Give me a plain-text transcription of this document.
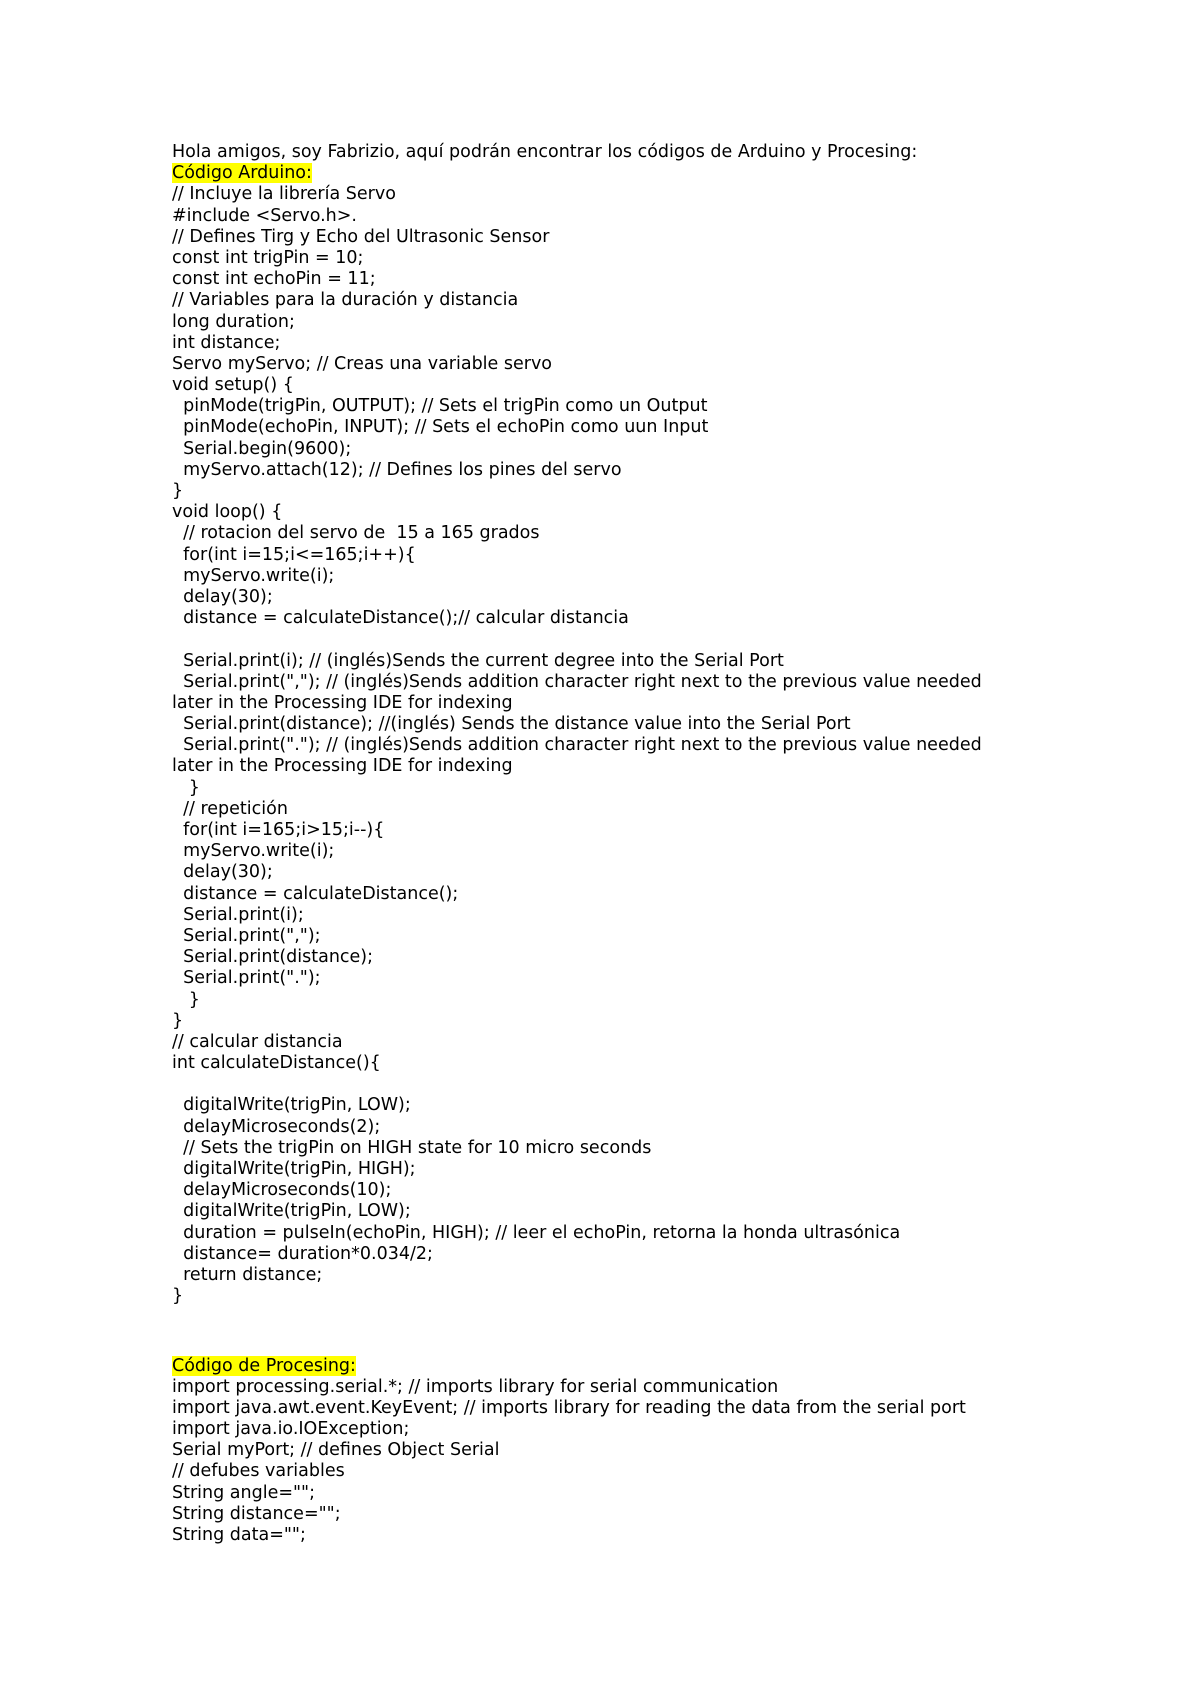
Hola amigos, soy Fabrizio, aquí podrán encontrar los códigos de Arduino y Procesing:
Código Arduino:
// Incluye la librería Servo
#include <Servo.h>.
// Defines Tirg y Echo del Ultrasonic Sensor
const int trigPin = 10;
const int echoPin = 11;
// Variables para la duración y distancia
long duration;
int distance;
Servo myServo; // Creas una variable servo
void setup() {
pinMode(trigPin, OUTPUT); // Sets el trigPin como un Output
pinMode(echoPin, INPUT); // Sets el echoPin como uun Input
Serial.begin(9600);
myServo.attach(12); // Defines los pines del servo
}
void loop() {
// rotacion del servo de  15 a 165 grados
for(int i=15;i<=165;i++){
myServo.write(i);
delay(30);
distance = calculateDistance();// calcular distancia
Serial.print(i); // (inglés)Sends the current degree into the Serial Port
Serial.print(","); // (inglés)Sends addition character right next to the previous value needed
later in the Processing IDE for indexing
Serial.print(distance); //(inglés) Sends the distance value into the Serial Port
Serial.print("."); // (inglés)Sends addition character right next to the previous value needed
later in the Processing IDE for indexing
}
// repetición
for(int i=165;i>15;i--){
myServo.write(i);
delay(30);
distance = calculateDistance();
Serial.print(i);
Serial.print(",");
Serial.print(distance);
Serial.print(".");
}
}
// calcular distancia
int calculateDistance(){
digitalWrite(trigPin, LOW);
delayMicroseconds(2);
// Sets the trigPin on HIGH state for 10 micro seconds
digitalWrite(trigPin, HIGH);
delayMicroseconds(10);
digitalWrite(trigPin, LOW);
duration = pulseIn(echoPin, HIGH); // leer el echoPin, retorna la honda ultrasónica
distance= duration*0.034/2;
return distance;
}
Código de Procesing:
import processing.serial.*; // imports library for serial communication
import java.awt.event.KeyEvent; // imports library for reading the data from the serial port
import java.io.IOException;
Serial myPort; // defines Object Serial
// defubes variables
String angle="";
String distance="";
String data="";
